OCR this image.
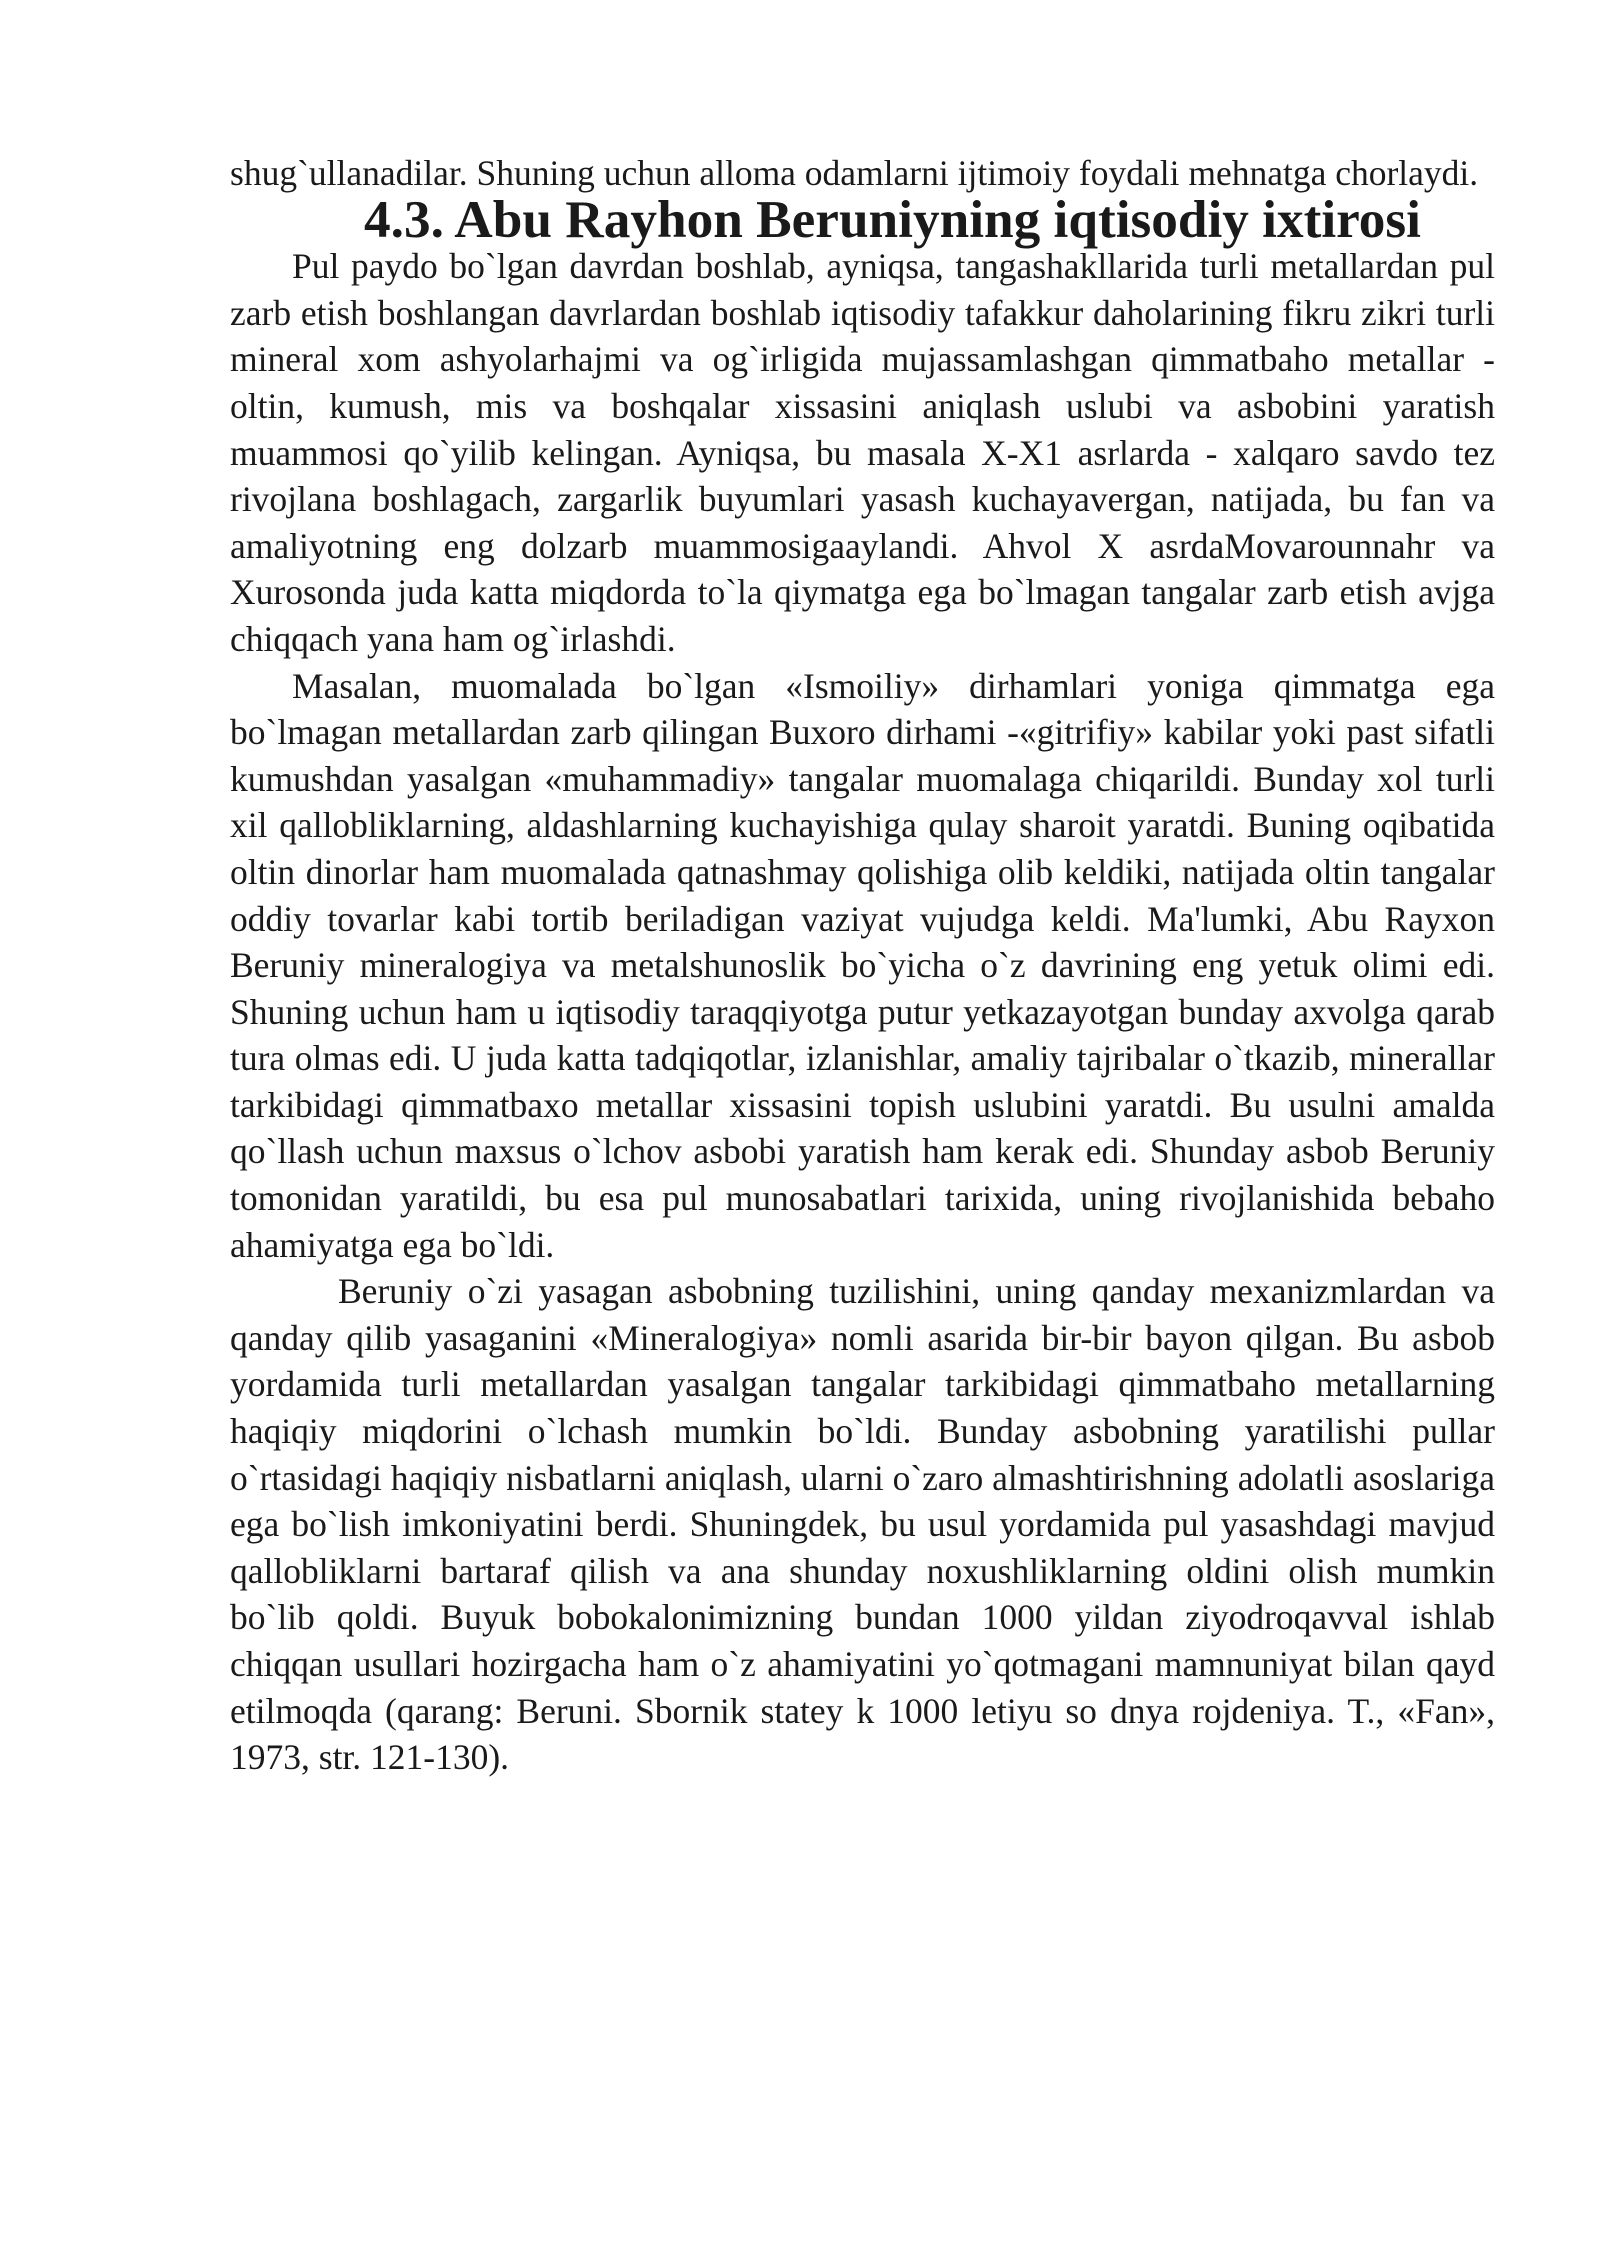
shug`ullanadilar. Shuning uchun alloma odamlarni ijtimoiy foydali mehnatga chorlaydi.

4.3. Abu Rayhon Beruniyning iqtisodiy ixtirosi

Pul paydo bo`lgan davrdan boshlab, ayniqsa, tangashakllarida turli metallardan pul zarb etish boshlangan davrlardan boshlab iqtisodiy tafakkur daholarining fikru zikri turli mineral xom ashyolarhajmi va og`irligida mujassamlashgan qimmatbaho metallar - oltin, kumush, mis va boshqalar xissasini aniqlash uslubi va asbobini yaratish muammosi qo`yilib kelingan. Ayniqsa, bu masala X-X1 asrlarda - xalqaro savdo tez rivojlana boshlagach, zargarlik buyumlari yasash kuchayavergan, natijada, bu fan va amaliyotning eng dolzarb muammosigaaylandi. Ahvol X asrdaMovarounnahr va Xurosonda juda katta miqdorda to`la qiymatga ega bo`lmagan tangalar zarb etish avjga chiqqach yana ham og`irlashdi.

Masalan, muomalada bo`lgan «Ismoiliy» dirhamlari yoniga qimmatga ega bo`lmagan metallardan zarb qilingan Buxoro dirhami -«gitrifiy» kabilar yoki past sifatli kumushdan yasalgan «muhammadiy» tangalar muomalaga chiqarildi. Bunday xol turli xil qallobliklarning, aldashlarning kuchayishiga qulay sharoit yaratdi. Buning oqibatida oltin dinorlar ham muomalada qatnashmay qolishiga olib keldiki, natijada oltin tangalar oddiy tovarlar kabi tortib beriladigan vaziyat vujudga keldi. Ma'lumki, Abu Rayxon Beruniy mineralogiya va metalshunoslik bo`yicha o`z davrining eng yetuk olimi edi. Shuning uchun ham u iqtisodiy taraqqiyotga putur yetkazayotgan bunday axvolga qarab tura olmas edi. U juda katta tadqiqotlar, izlanishlar, amaliy tajribalar o`tkazib, minerallar tarkibidagi qimmatbaxo metallar xissasini topish uslubini yaratdi. Bu usulni amalda qo`llash uchun maxsus o`lchov asbobi yaratish ham kerak edi. Shunday asbob Beruniy tomonidan yaratildi, bu esa pul munosabatlari tarixida, uning rivojlanishida bebaho ahamiyatga ega bo`ldi.

Beruniy o`zi yasagan asbobning tuzilishini, uning qanday mexanizmlardan va qanday qilib yasaganini «Mineralogiya» nomli asarida bir-bir bayon qilgan. Bu asbob yordamida turli metallardan yasalgan tangalar tarkibidagi qimmatbaho metallarning haqiqiy miqdorini o`lchash mumkin bo`ldi. Bunday asbobning yaratilishi pullar o`rtasidagi haqiqiy nisbatlarni aniqlash, ularni o`zaro almashtirishning adolatli asoslariga ega bo`lish imkoniyatini berdi. Shuningdek, bu usul yordamida pul yasashdagi mavjud qallobliklarni bartaraf qilish va ana shunday noxushliklarning oldini olish mumkin bo`lib qoldi. Buyuk bobokalonimizning bundan 1000 yildan ziyodroqavval ishlab chiqqan usullari hozirgacha ham o`z ahamiyatini yo`qotmagani mamnuniyat bilan qayd etilmoqda (qarang: Beruni. Sbornik statey k 1000 letiyu so dnya rojdeniya. T., «Fan», 1973, str. 121-130).
